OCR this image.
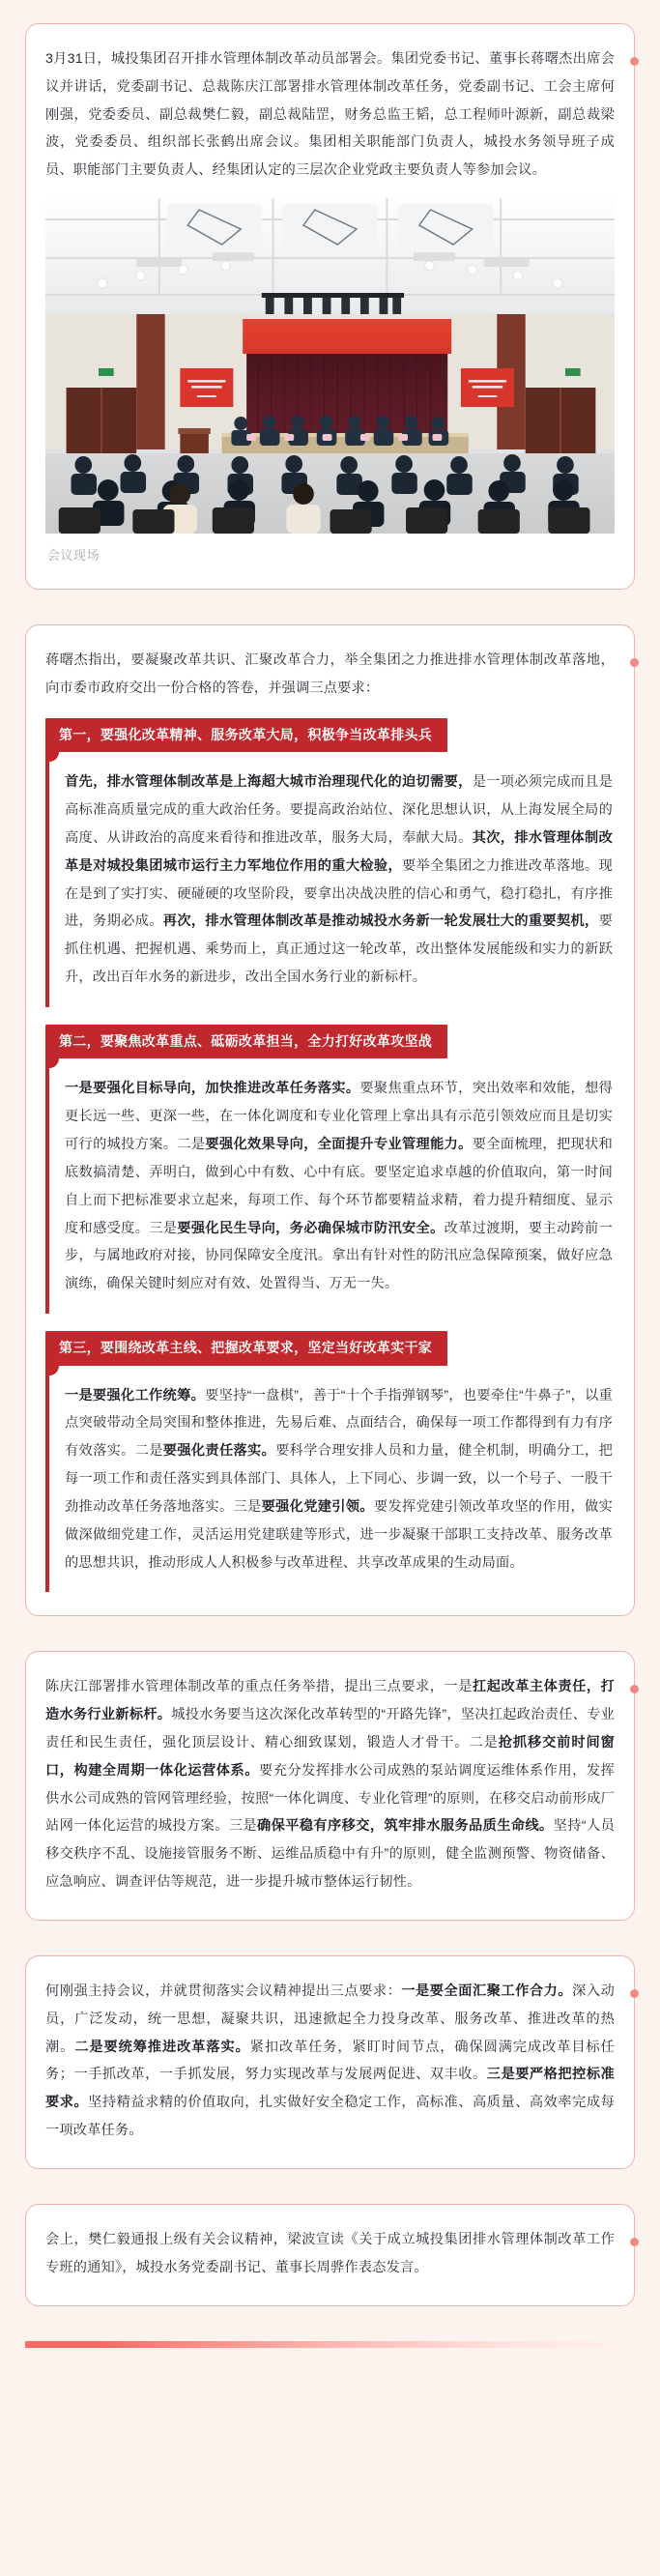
3月31日，城投集团召开排水管理体制改革动员部署会。集团党委书记、董事长蒋曙杰出席会议并讲话，党委副书记、总裁陈庆江部署排水管理体制改革任务，党委副书记、工会主席何刚强，党委委员、副总裁樊仁毅，副总裁陆罡，财务总监王韬，总工程师叶源新，副总裁梁波，党委委员、组织部长张鹤出席会议。集团相关职能部门负责人，城投水务领导班子成员、职能部门主要负责人、经集团认定的三层次企业党政主要负责人等参加会议。

会议现场

蒋曙杰指出，要凝聚改革共识、汇聚改革合力，举全集团之力推进排水管理体制改革落地，向市委市政府交出一份合格的答卷，并强调三点要求：

第一，要强化改革精神、服务改革大局，积极争当改革排头兵

首先，排水管理体制改革是上海超大城市治理现代化的迫切需要，是一项必须完成而且是高标准高质量完成的重大政治任务。要提高政治站位、深化思想认识，从上海发展全局的高度、从讲政治的高度来看待和推进改革，服务大局，奉献大局。其次，排水管理体制改革是对城投集团城市运行主力军地位作用的重大检验，要举全集团之力推进改革落地。现在是到了实打实、硬碰硬的攻坚阶段，要拿出决战决胜的信心和勇气，稳打稳扎，有序推进，务期必成。再次，排水管理体制改革是推动城投水务新一轮发展壮大的重要契机，要抓住机遇、把握机遇、乘势而上，真正通过这一轮改革，改出整体发展能级和实力的新跃升，改出百年水务的新进步，改出全国水务行业的新标杆。

第二，要聚焦改革重点、砥砺改革担当，全力打好改革攻坚战

一是要强化目标导向，加快推进改革任务落实。要聚焦重点环节，突出效率和效能，想得更长远一些、更深一些，在一体化调度和专业化管理上拿出具有示范引领效应而且是切实可行的城投方案。二是要强化效果导向，全面提升专业管理能力。要全面梳理，把现状和底数搞清楚、弄明白，做到心中有数、心中有底。要坚定追求卓越的价值取向，第一时间自上而下把标准要求立起来，每项工作、每个环节都要精益求精，着力提升精细度、显示度和感受度。三是要强化民生导向，务必确保城市防汛安全。改革过渡期，要主动跨前一步，与属地政府对接，协同保障安全度汛。拿出有针对性的防汛应急保障预案，做好应急演练，确保关键时刻应对有效、处置得当、万无一失。

第三，要围绕改革主线、把握改革要求，坚定当好改革实干家

一是要强化工作统筹。要坚持“一盘棋”，善于“十个手指弹钢琴”，也要牵住“牛鼻子”，以重点突破带动全局突围和整体推进，先易后难、点面结合，确保每一项工作都得到有力有序有效落实。二是要强化责任落实。要科学合理安排人员和力量，健全机制，明确分工，把每一项工作和责任落实到具体部门、具体人，上下同心、步调一致，以一个号子、一股干劲推动改革任务落地落实。三是要强化党建引领。要发挥党建引领改革攻坚的作用，做实做深做细党建工作，灵活运用党建联建等形式，进一步凝聚干部职工支持改革、服务改革的思想共识，推动形成人人积极参与改革进程、共享改革成果的生动局面。

陈庆江部署排水管理体制改革的重点任务举措，提出三点要求，一是扛起改革主体责任，打造水务行业新标杆。城投水务要当这次深化改革转型的“开路先锋”，坚决扛起政治责任、专业责任和民生责任，强化顶层设计、精心细致谋划，锻造人才骨干。二是抢抓移交前时间窗口，构建全周期一体化运营体系。要充分发挥排水公司成熟的泵站调度运维体系作用，发挥供水公司成熟的管网管理经验，按照“一体化调度、专业化管理”的原则，在移交启动前形成厂站网一体化运营的城投方案。三是确保平稳有序移交，筑牢排水服务品质生命线。坚持“人员移交秩序不乱、设施接管服务不断、运维品质稳中有升”的原则，健全监测预警、物资储备、应急响应、调查评估等规范，进一步提升城市整体运行韧性。

何刚强主持会议，并就贯彻落实会议精神提出三点要求：一是要全面汇聚工作合力。深入动员，广泛发动，统一思想，凝聚共识，迅速掀起全力投身改革、服务改革、推进改革的热潮。二是要统筹推进改革落实。紧扣改革任务，紧盯时间节点，确保圆满完成改革目标任务；一手抓改革，一手抓发展，努力实现改革与发展两促进、双丰收。三是要严格把控标准要求。坚持精益求精的价值取向，扎实做好安全稳定工作，高标准、高质量、高效率完成每一项改革任务。

会上，樊仁毅通报上级有关会议精神，梁波宣读《关于成立城投集团排水管理体制改革工作专班的通知》，城投水务党委副书记、董事长周骅作表态发言。
